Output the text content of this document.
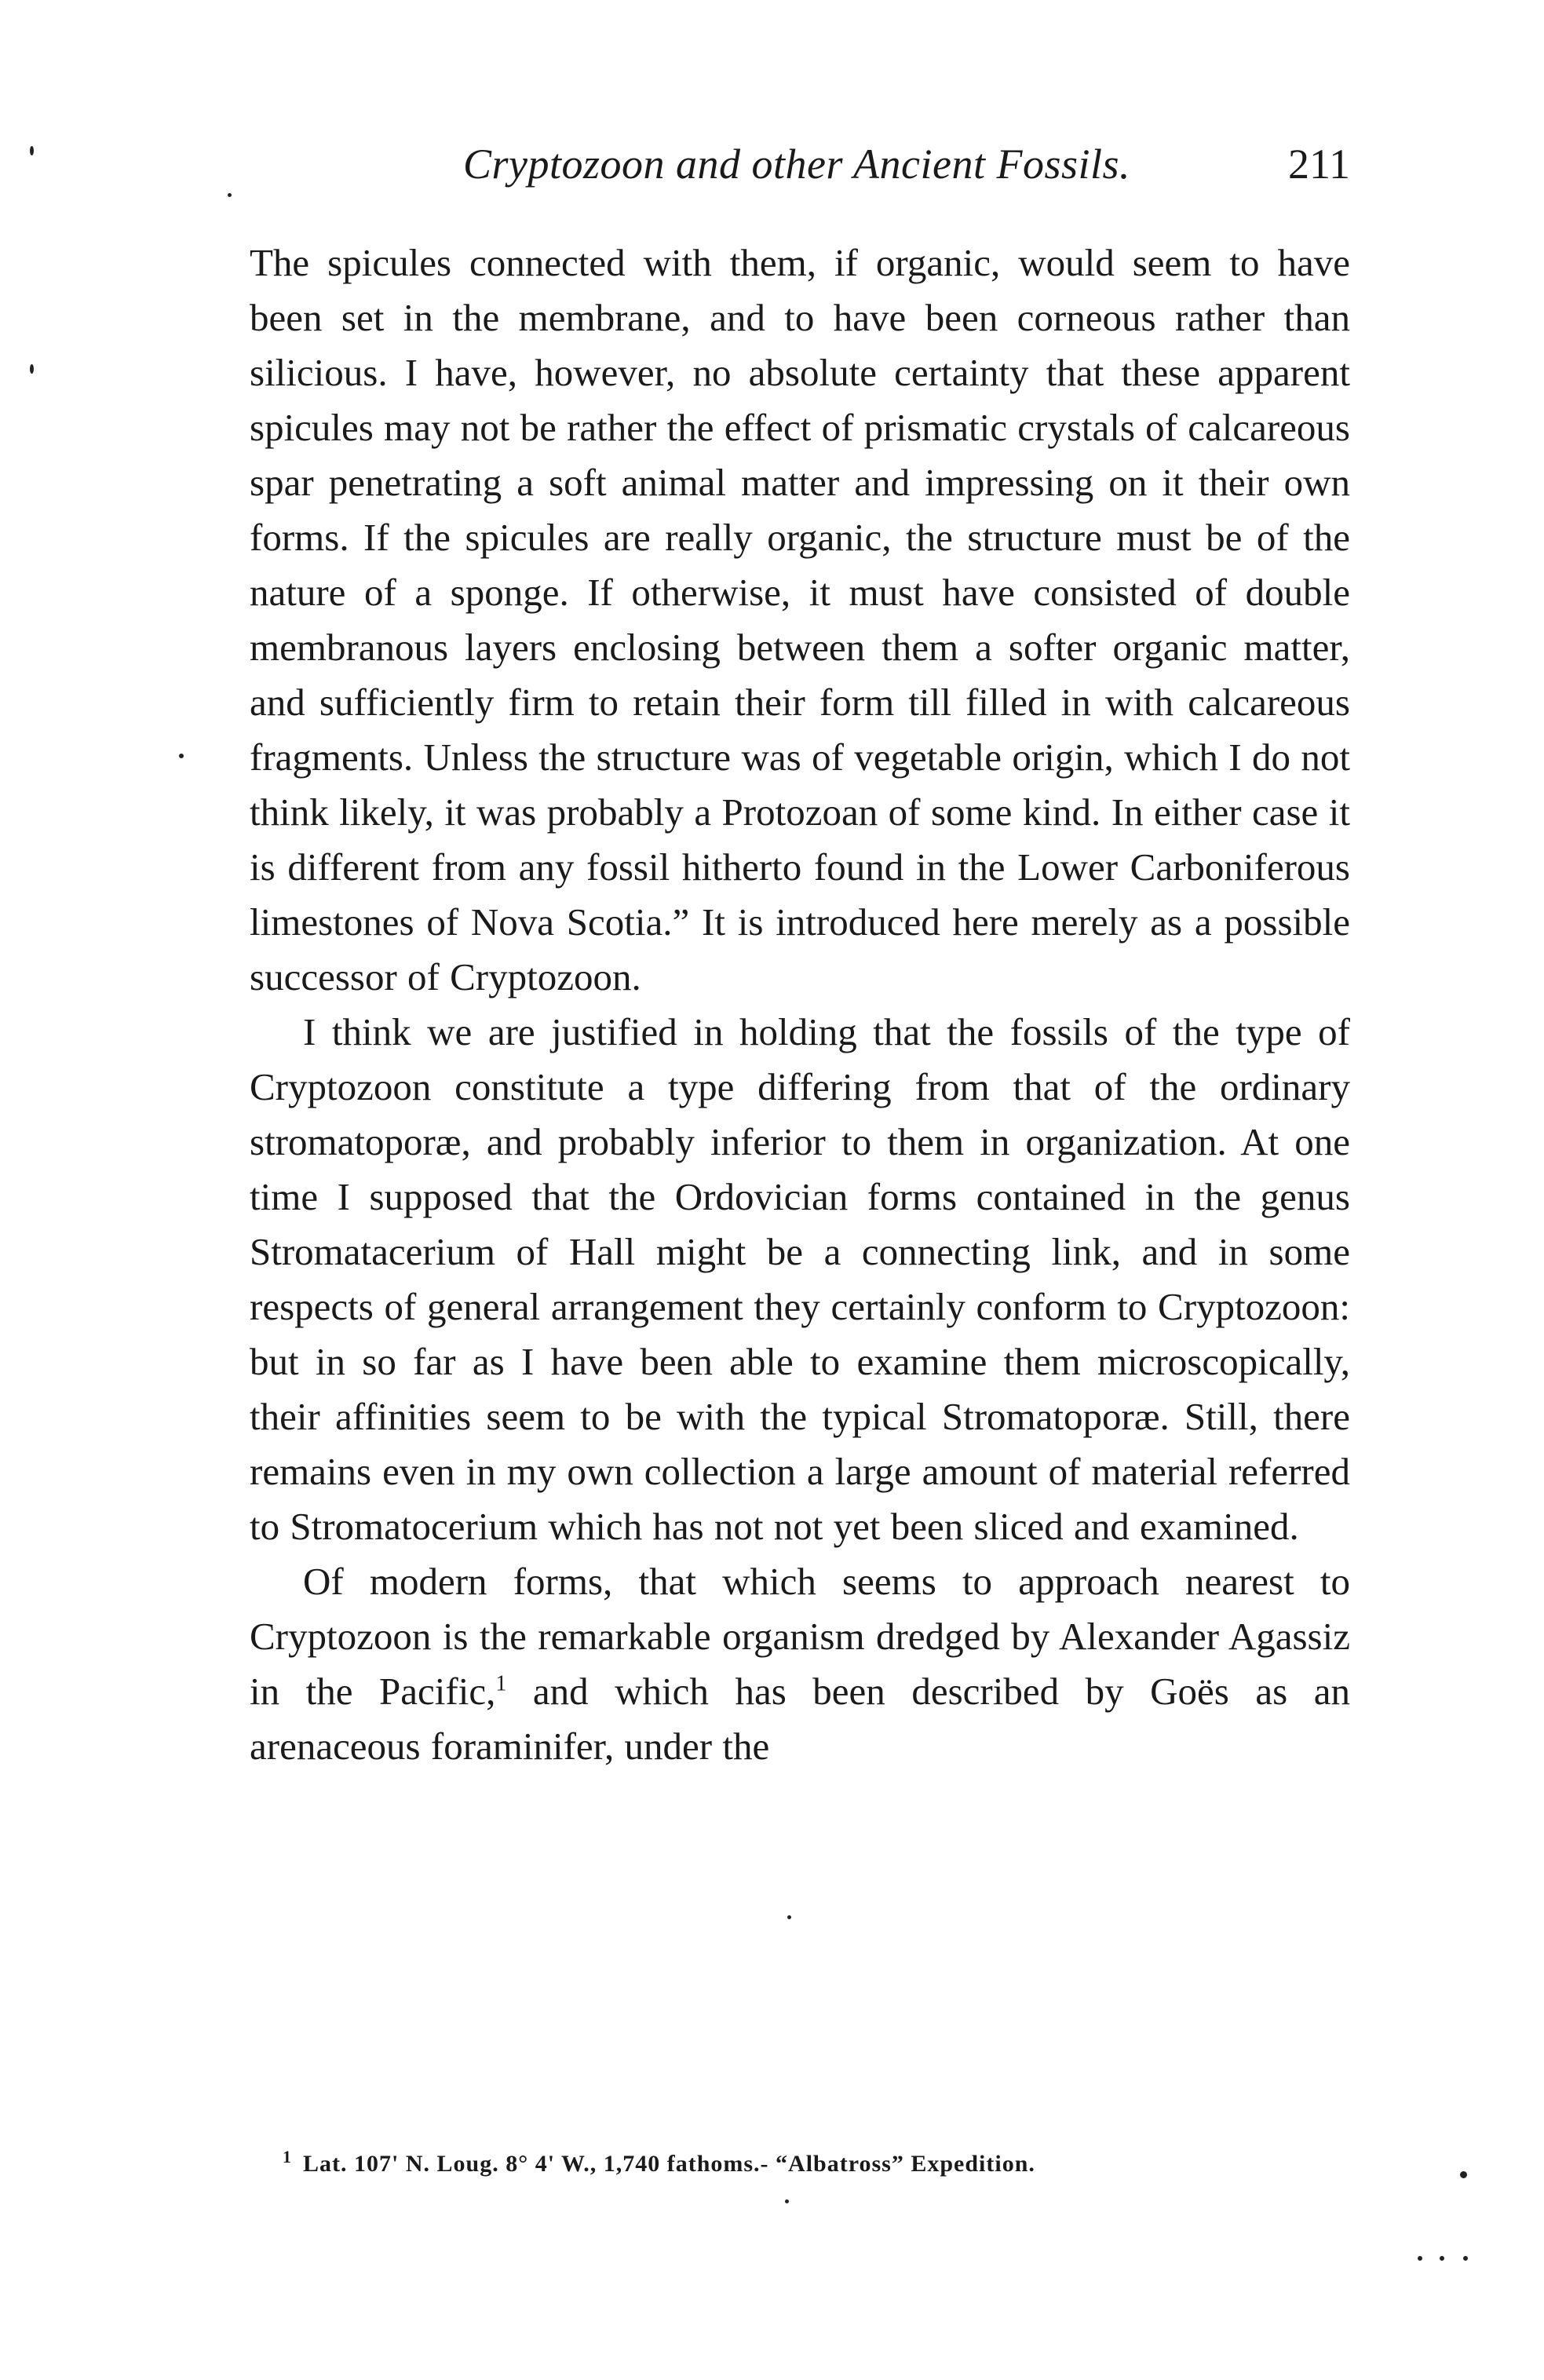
Cryptozoon and other Ancient Fossils.	211

The spicules connected with them, if organic, would seem to have been set in the membrane, and to have been corneous rather than silicious. I have, however, no absolute certainty that these apparent spicules may not be rather the effect of prismatic crystals of calcareous spar penetrating a soft animal matter and impressing on it their own forms. If the spicules are really organic, the structure must be of the nature of a sponge. If otherwise, it must have consisted of double membranous layers enclosing between them a softer organic matter, and sufficiently firm to retain their form till filled in with calcareous fragments. Unless the structure was of vegetable origin, which I do not think likely, it was probably a Protozoan of some kind. In either case it is different from any fossil hitherto found in the Lower Carboniferous limestones of Nova Scotia.” It is introduced here merely as a possible successor of Cryptozoon.

I think we are justified in holding that the fossils of the type of Cryptozoon constitute a type differing from that of the ordinary stromatoporæ, and probably inferior to them in organization. At one time I supposed that the Ordovician forms contained in the genus Stromatacerium of Hall might be a connecting link, and in some respects of general arrangement they certainly conform to Cryptozoon: but in so far as I have been able to examine them microscopically, their affinities seem to be with the typical Stromatoporæ. Still, there remains even in my own collection a large amount of material referred to Stromatocerium which has not not yet been sliced and examined.

Of modern forms, that which seems to approach nearest to Cryptozoon is the remarkable organism dredged by Alexander Agassiz in the Pacific,$^1$ and which has been described by Goës as an arenaceous foraminifer, under the

$^1$ Lat. 107' N. Loug. 8° 4' W., 1,740 fathoms.- “Albatross” Expedition.
